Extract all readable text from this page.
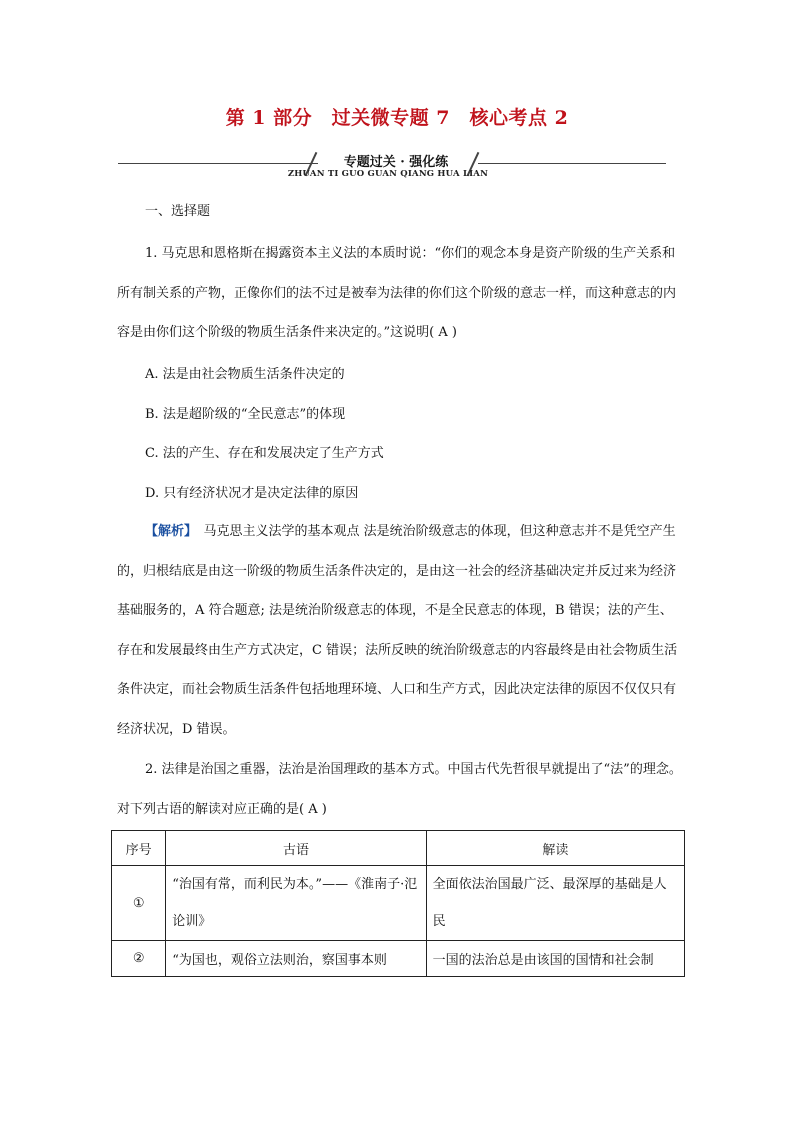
第 1 部分　过关微专题 7　核心考点 2
专题过关 · 强化练
ZHUAN TI GUO GUAN QIANG HUA LIAN
一、选择题
1. 马克思和恩格斯在揭露资本主义法的本质时说：“你们的观念本身是资产阶级的生产关系和所有制关系的产物，正像你们的法不过是被奉为法律的你们这个阶级的意志一样，而这种意志的内容是由你们这个阶级的物质生活条件来决定的。”这说明( A )
A. 法是由社会物质生活条件决定的
B. 法是超阶级的“全民意志”的体现
C. 法的产生、存在和发展决定了生产方式
D. 只有经济状况才是决定法律的原因
【解析】　马克思主义法学的基本观点 法是统治阶级意志的体现，但这种意志并不是凭空产生的，归根结底是由这一阶级的物质生活条件决定的，是由这一社会的经济基础决定并反过来为经济基础服务的，A 符合题意; 法是统治阶级意志的体现，不是全民意志的体现，B 错误；法的产生、存在和发展最终由生产方式决定，C 错误；法所反映的统治阶级意志的内容最终是由社会物质生活条件决定，而社会物质生活条件包括地理环境、人口和生产方式，因此决定法律的原因不仅仅只有经济状况，D 错误。
2. 法律是治国之重器，法治是治国理政的基本方式。中国古代先哲很早就提出了“法”的理念。对下列古语的解读对应正确的是( A )
序号	古语	解读
①	“治国有常，而利民为本。”——《淮南子·氾论训》	全面依法治国最广泛、最深厚的基础是人民
②	“为国也，观俗立法则治，察国事本则	一国的法治总是由该国的国情和社会制
